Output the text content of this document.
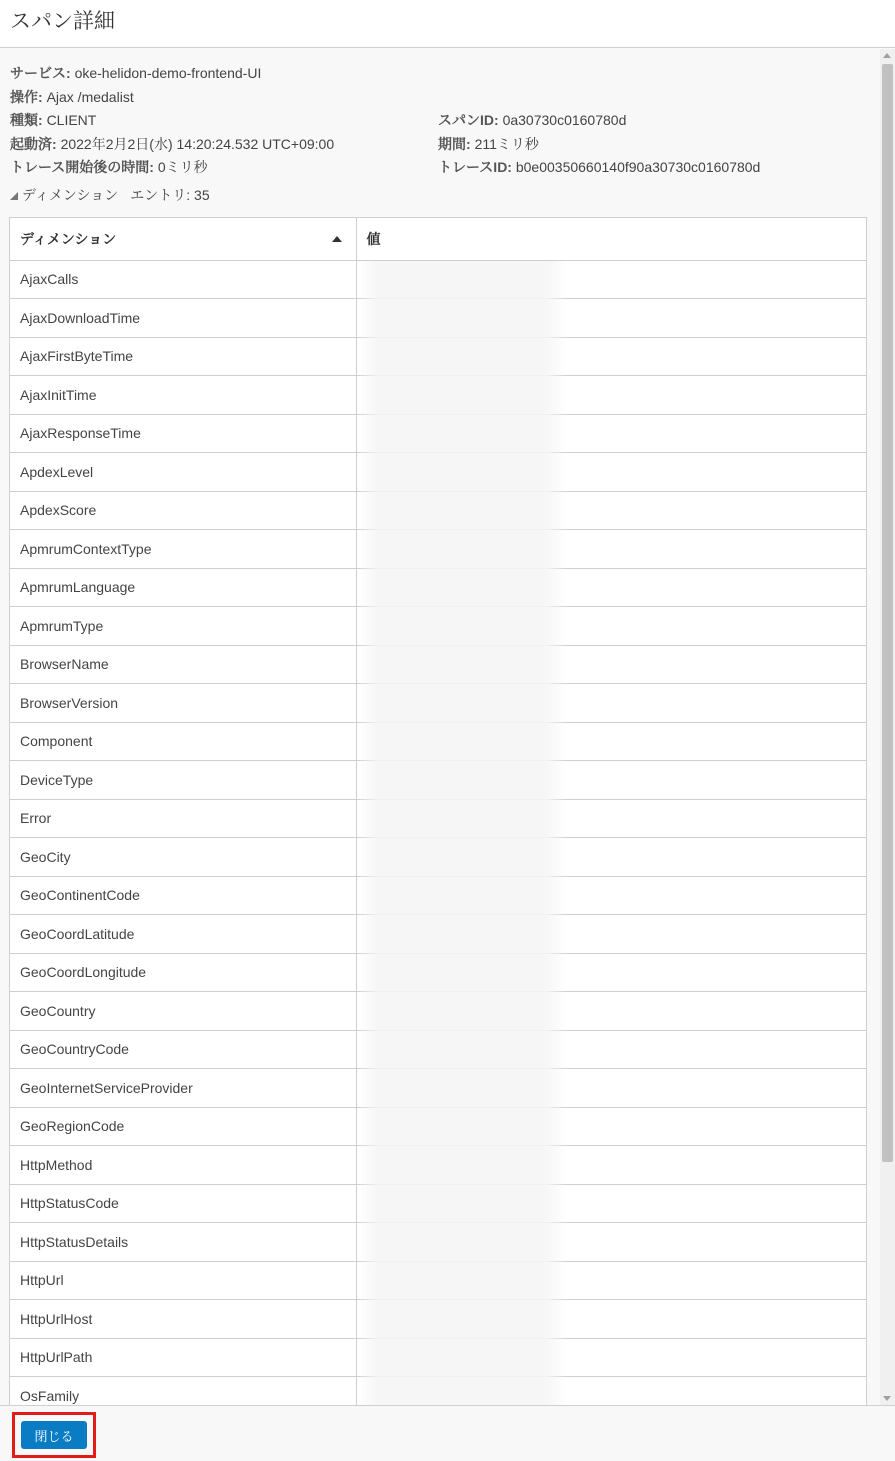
スパン詳細
サービス: oke-helidon-demo-frontend-UI
操作: Ajax /medalist
種類: CLIENT	スパンID: 0a30730c0160780d
起動済: 2022年2月2日(水) 14:20:24.532 UTC+09:00	期間: 211ミリ秒
トレース開始後の時間: 0ミリ秒	トレースID: b0e00350660140f90a30730c0160780d
ディメンション エントリ: 35
ディメンション	値
AjaxCalls	
AjaxDownloadTime	
AjaxFirstByteTime	
AjaxInitTime	
AjaxResponseTime	
ApdexLevel	
ApdexScore	
ApmrumContextType	
ApmrumLanguage	
ApmrumType	
BrowserName	
BrowserVersion	
Component	
DeviceType	
Error	
GeoCity	
GeoContinentCode	
GeoCoordLatitude	
GeoCoordLongitude	
GeoCountry	
GeoCountryCode	
GeoInternetServiceProvider	
GeoRegionCode	
HttpMethod	
HttpStatusCode	
HttpStatusDetails	
HttpUrl	
HttpUrlHost	
HttpUrlPath	
OsFamily	
閉じる
